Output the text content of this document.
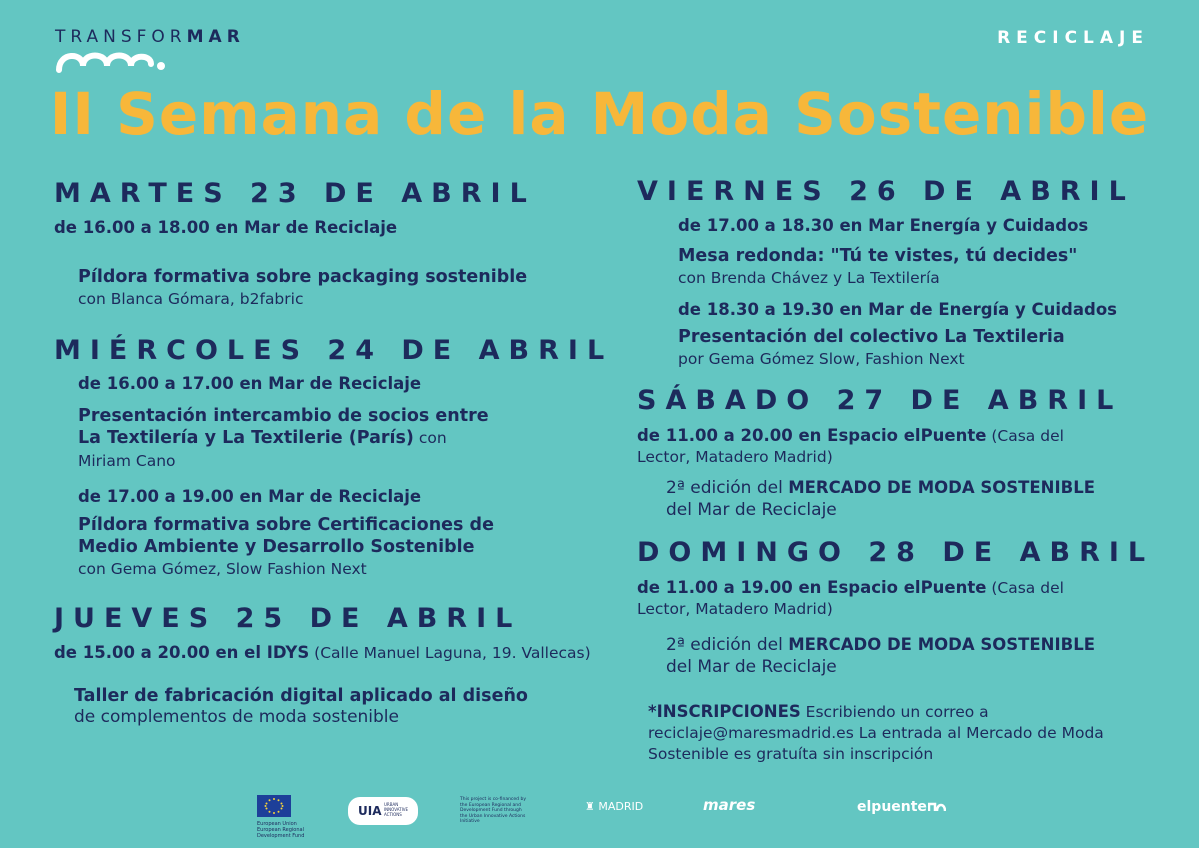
TRANSFORMAR	RECICLAJE
II Semana de la Moda Sostenible
MARTES 23 DE ABRIL
de 16.00 a 18.00 en Mar de Reciclaje
Píldora formativa sobre packaging sostenible
con Blanca Gómara, b2fabric
MIÉRCOLES 24 DE ABRIL
de 16.00 a 17.00 en Mar de Reciclaje
Presentación intercambio de socios entre
La Textilería y La Textilerie (París) con
Miriam Cano
de 17.00 a 19.00 en Mar de Reciclaje
Píldora formativa sobre Certificaciones de
Medio Ambiente y Desarrollo Sostenible
con Gema Gómez, Slow Fashion Next
JUEVES 25 DE ABRIL
de 15.00 a 20.00 en el IDYS (Calle Manuel Laguna, 19. Vallecas)
Taller de fabricación digital aplicado al diseño
de complementos de moda sostenible
VIERNES 26 DE ABRIL
de 17.00 a 18.30 en Mar Energía y Cuidados
Mesa redonda: "Tú te vistes, tú decides"
con Brenda Chávez y La Textilería
de 18.30 a 19.30 en Mar de Energía y Cuidados
Presentación del colectivo La Textileria
por Gema Gómez Slow, Fashion Next
SÁBADO 27 DE ABRIL
de 11.00 a 20.00 en Espacio elPuente (Casa del
Lector, Matadero Madrid)
2ª edición del MERCADO DE MODA SOSTENIBLE
del Mar de Reciclaje
DOMINGO 28 DE ABRIL
de 11.00 a 19.00 en Espacio elPuente (Casa del
Lector, Matadero Madrid)
2ª edición del MERCADO DE MODA SOSTENIBLE
del Mar de Reciclaje
*INSCRIPCIONES Escribiendo un correo a
reciclaje@maresmadrid.es La entrada al Mercado de Moda
Sostenible es gratuíta sin inscripción
European Union European Regional Development Fund
UIA URBAN INNOVATIVE ACTIONS
This project is co-financed by the European Regional and Development Fund through the Urban Innovative Actions Initiative
♜ MADRID	mares	elpuente
